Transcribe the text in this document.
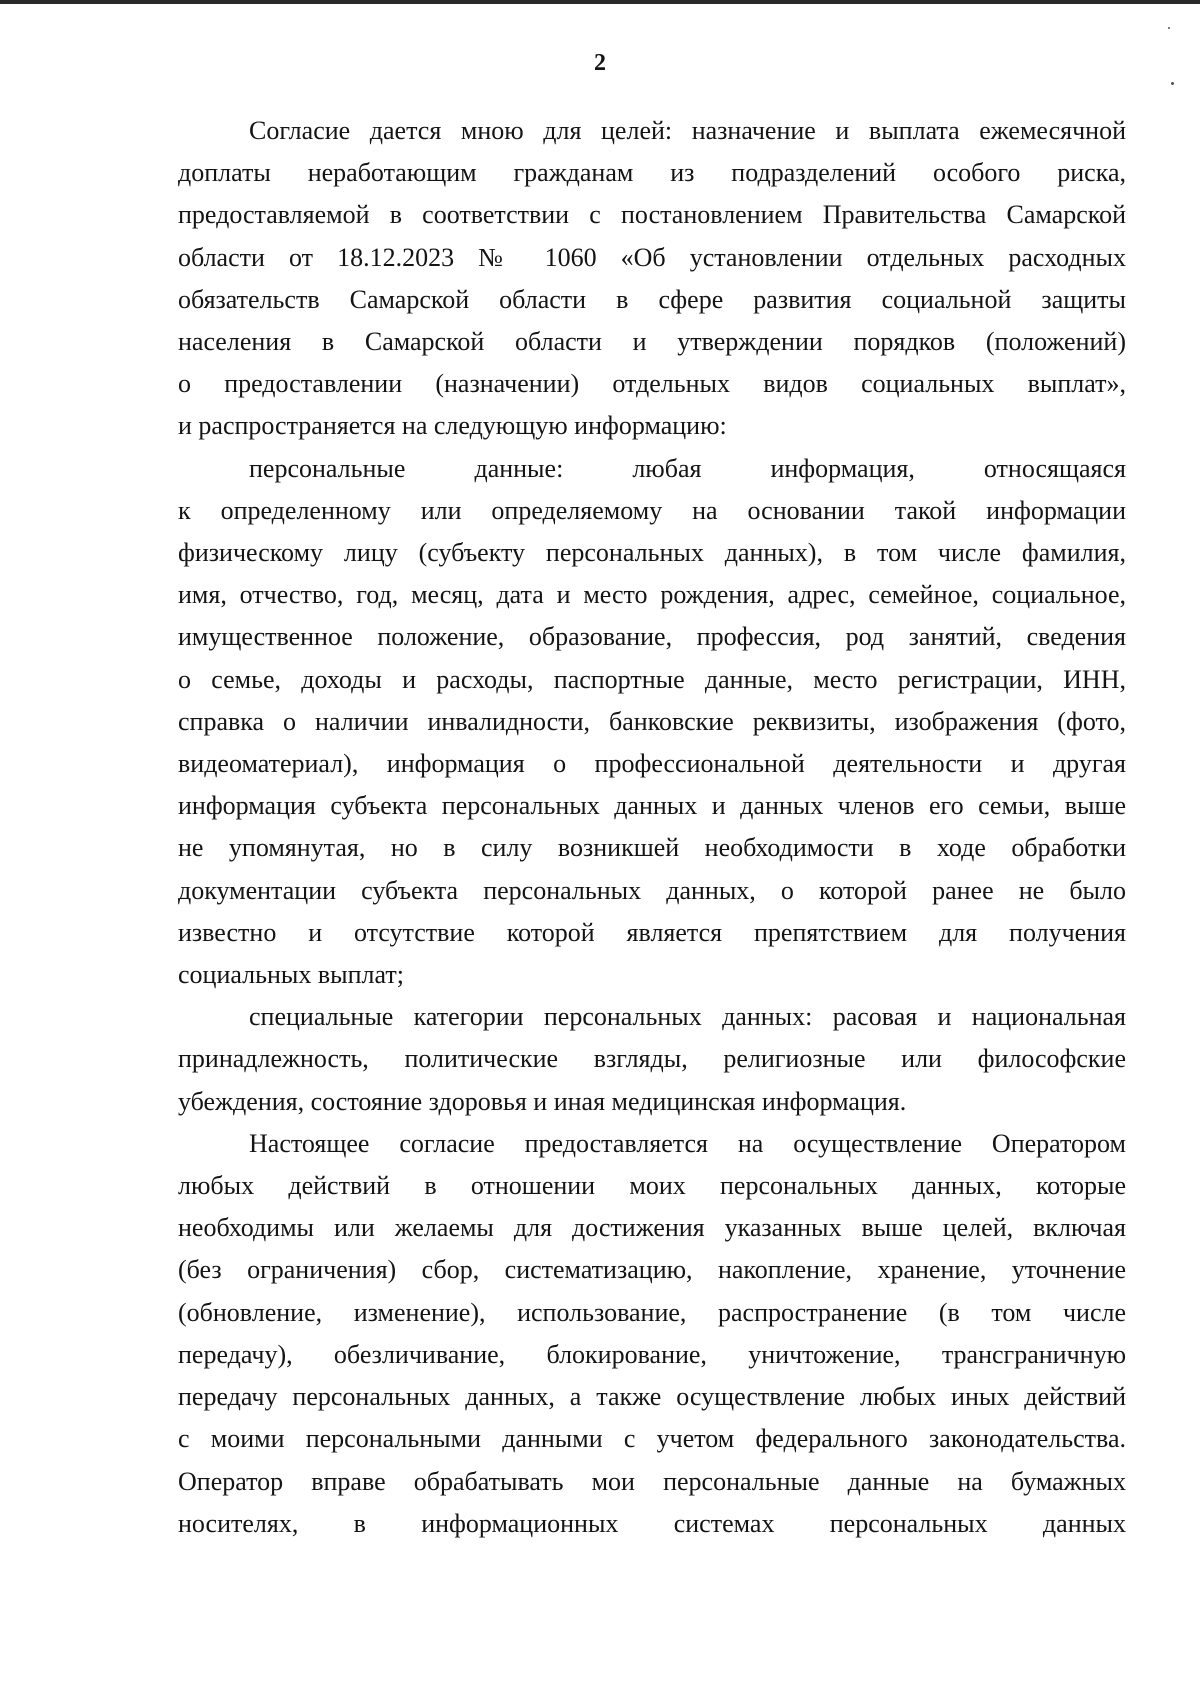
2
Согласие дается мною для целей: назначение и выплата ежемесячной
доплаты неработающим гражданам из подразделений особого риска,
предоставляемой в соответствии с постановлением Правительства Самарской
области от 18.12.2023 № 1060 «Об установлении отдельных расходных
обязательств Самарской области в сфере развития социальной защиты
населения в Самарской области и утверждении порядков (положений)
о предоставлении (назначении) отдельных видов социальных выплат»,
и распространяется на следующую информацию:
персональные данные: любая информация, относящаяся
к определенному или определяемому на основании такой информации
физическому лицу (субъекту персональных данных), в том числе фамилия,
имя, отчество, год, месяц, дата и место рождения, адрес, семейное, социальное,
имущественное положение, образование, профессия, род занятий, сведения
о семье, доходы и расходы, паспортные данные, место регистрации, ИНН,
справка о наличии инвалидности, банковские реквизиты, изображения (фото,
видеоматериал), информация о профессиональной деятельности и другая
информация субъекта персональных данных и данных членов его семьи, выше
не упомянутая, но в силу возникшей необходимости в ходе обработки
документации субъекта персональных данных, о которой ранее не было
известно и отсутствие которой является препятствием для получения
социальных выплат;
специальные категории персональных данных: расовая и национальная
принадлежность, политические взгляды, религиозные или философские
убеждения, состояние здоровья и иная медицинская информация.
Настоящее согласие предоставляется на осуществление Оператором
любых действий в отношении моих персональных данных, которые
необходимы или желаемы для достижения указанных выше целей, включая
(без ограничения) сбор, систематизацию, накопление, хранение, уточнение
(обновление, изменение), использование, распространение (в том числе
передачу), обезличивание, блокирование, уничтожение, трансграничную
передачу персональных данных, а также осуществление любых иных действий
с моими персональными данными с учетом федерального законодательства.
Оператор вправе обрабатывать мои персональные данные на бумажных
носителях, в информационных системах персональных данных
